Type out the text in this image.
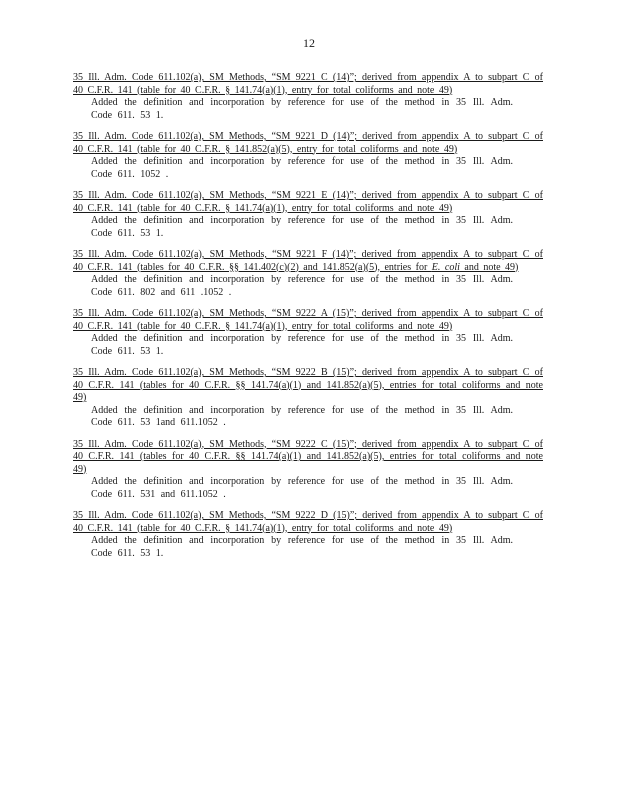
12
35 Ill. Adm. Code 611.102(a), SM Methods, “SM 9221 C (14)”; derived from appendix A to subpart C of 40 C.F.R. 141 (table for 40 C.F.R. § 141.74(a)(1), entry for total coliforms and note 49)
Added the definition and incorporation by reference for use of the method in 35 Ill. Adm. Code 611. 53 1.
35 Ill. Adm. Code 611.102(a), SM Methods, “SM 9221 D (14)”; derived from appendix A to subpart C of 40 C.F.R. 141 (table for 40 C.F.R. § 141.852(a)(5), entry for total coliforms and note 49)
Added the definition and incorporation by reference for use of the method in 35 Ill. Adm. Code 611. 1052 .
35 Ill. Adm. Code 611.102(a), SM Methods, “SM 9221 E (14)”; derived from appendix A to subpart C of 40 C.F.R. 141 (table for 40 C.F.R. § 141.74(a)(1), entry for total coliforms and note 49)
Added the definition and incorporation by reference for use of the method in 35 Ill. Adm. Code 611. 53 1.
35 Ill. Adm. Code 611.102(a), SM Methods, “SM 9221 F (14)”; derived from appendix A to subpart C of 40 C.F.R. 141 (tables for 40 C.F.R. §§ 141.402(c)(2) and 141.852(a)(5), entries for E. coli and note 49)
Added the definition and incorporation by reference for use of the method in 35 Ill. Adm. Code 611. 802 and 611 .1052 .
35 Ill. Adm. Code 611.102(a), SM Methods, “SM 9222 A (15)”; derived from appendix A to subpart C of 40 C.F.R. 141 (table for 40 C.F.R. § 141.74(a)(1), entry for total coliforms and note 49)
Added the definition and incorporation by reference for use of the method in 35 Ill. Adm. Code 611. 53 1.
35 Ill. Adm. Code 611.102(a), SM Methods, “SM 9222 B (15)”; derived from appendix A to subpart C of 40 C.F.R. 141 (tables for 40 C.F.R. §§ 141.74(a)(1) and 141.852(a)(5), entries for total coliforms and note 49)
Added the definition and incorporation by reference for use of the method in 35 Ill. Adm. Code 611. 53 1and 611.1052 .
35 Ill. Adm. Code 611.102(a), SM Methods, “SM 9222 C (15)”; derived from appendix A to subpart C of 40 C.F.R. 141 (tables for 40 C.F.R. §§ 141.74(a)(1) and 141.852(a)(5), entries for total coliforms and note 49)
Added the definition and incorporation by reference for use of the method in 35 Ill. Adm. Code 611. 531 and 611.1052 .
35 Ill. Adm. Code 611.102(a), SM Methods, “SM 9222 D (15)”; derived from appendix A to subpart C of 40 C.F.R. 141 (table for 40 C.F.R. § 141.74(a)(1), entry for total coliforms and note 49)
Added the definition and incorporation by reference for use of the method in 35 Ill. Adm. Code 611. 53 1.
